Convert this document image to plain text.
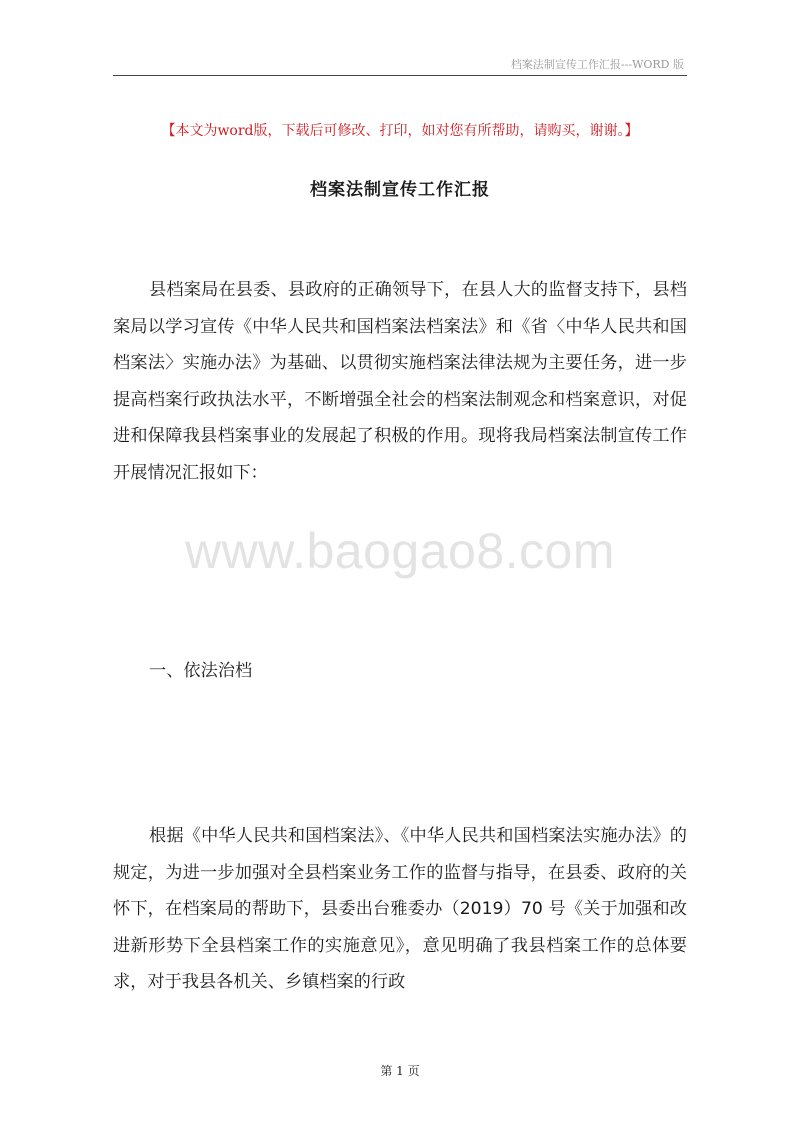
档案法制宣传工作汇报---WORD 版
【本文为word版，下载后可修改、打印，如对您有所帮助，请购买，谢谢。】
档案法制宣传工作汇报

县档案局在县委、县政府的正确领导下，在县人大的监督支持下，县档案局以学习宣传《中华人民共和国档案法档案法》和《省〈中华人民共和国档案法〉实施办法》为基础、以贯彻实施档案法律法规为主要任务，进一步提高档案行政执法水平，不断增强全社会的档案法制观念和档案意识，对促进和保障我县档案事业的发展起了积极的作用。现将我局档案法制宣传工作开展情况汇报如下：

www.baogao8.com

一、依法治档

根据《中华人民共和国档案法》、《中华人民共和国档案法实施办法》的规定，为进一步加强对全县档案业务工作的监督与指导，在县委、政府的关怀下，在档案局的帮助下，县委出台雅委办（2019）70 号《关于加强和改进新形势下全县档案工作的实施意见》，意见明确了我县档案工作的总体要求，对于我县各机关、乡镇档案的行政

第 1 页
